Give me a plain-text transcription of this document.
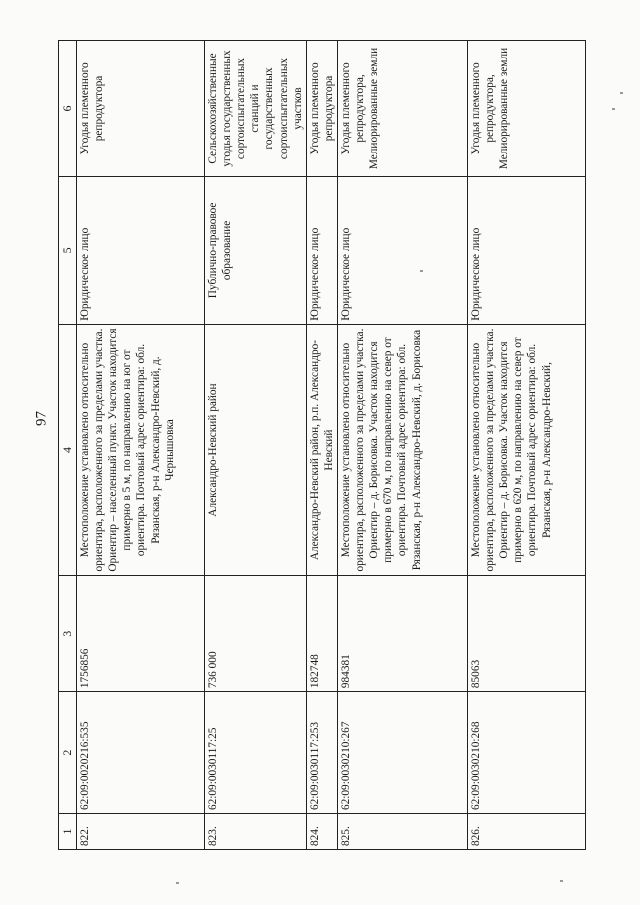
97
1	2	3	4	5	6
822.	62:09:0020216:535	1756856	Местоположение установлено относительно ориентира, расположенного за пределами участка. Ориентир – населенный пункт. Участок находится примерно в 5 м, по направлению на юг от ориентира. Почтовый адрес ориентира: обл. Рязанская, р-н Александро-Невский, д. Чернышовка	Юридическое лицо	Угодья племенного репродуктора
823.	62:09:0030117:25	736 000	Александро-Невский район	Публично-правовое образование	Сельскохозяйственные угодья государственных сортоиспытательных станций и государственных сортоиспытательных участков
824.	62:09:0030117:253	182748	Александро-Невский район, р.п. Александро-Невский	Юридическое лицо	Угодья племенного репродуктора
825.	62:09:0030210:267	984381	Местоположение установлено относительно ориентира, расположенного за пределами участка. Ориентир – д. Борисовка. Участок находится примерно в 670 м, по направлению на север от ориентира. Почтовый адрес ориентира: обл. Рязанская, р-н Александро-Невский, д. Борисовка	Юридическое лицо	Угодья племенного репродуктора, Мелиорированные земли
826.	62:09:0030210:268	85063	Местоположение установлено относительно ориентира, расположенного за пределами участка. Ориентир – д. Борисовка. Участок находится примерно в 620 м, по направлению на север от ориентира. Почтовый адрес ориентира: обл. Рязанская, р-н Александро-Невский,	Юридическое лицо	Угодья племенного репродуктора, Мелиорированные земли
